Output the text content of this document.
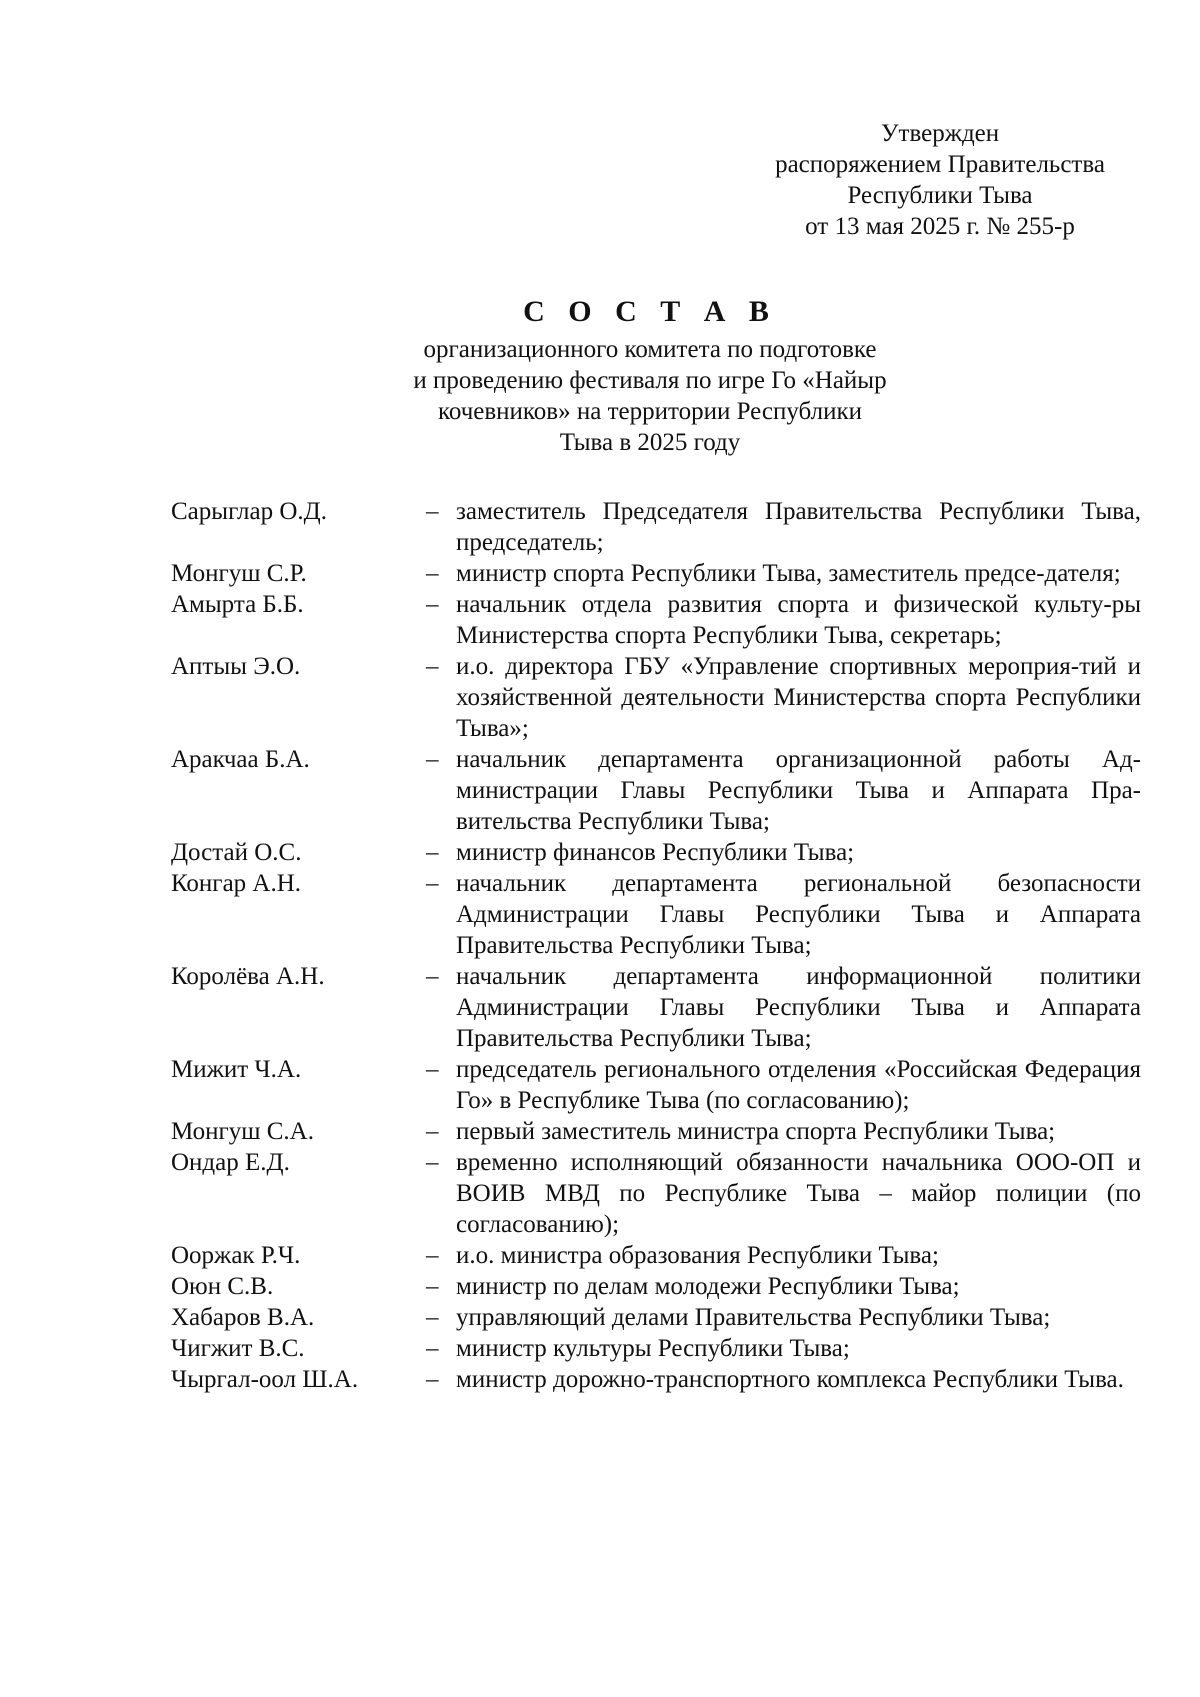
Утвержден
распоряжением Правительства
Республики Тыва
от 13 мая 2025 г. № 255-р
С О С Т А В
организационного комитета по подготовке
и проведению фестиваля по игре Го «Найыр
кочевников» на территории Республики
Тыва в 2025 году
Сарыглар О.Д.	– заместитель Председателя Правительства Республики Тыва, председатель;
Монгуш С.Р.	– министр спорта Республики Тыва, заместитель предсе-дателя;
Амырта Б.Б.	– начальник отдела развития спорта и физической культу-ры Министерства спорта Республики Тыва, секретарь;
Аптыы Э.О.	– и.о. директора ГБУ «Управление спортивных мероприя-тий и хозяйственной деятельности Министерства спорта Республики Тыва»;
Аракчаа Б.А.	– начальник департамента организационной работы Ад-министрации Главы Республики Тыва и Аппарата Пра-вительства Республики Тыва;
Достай О.С.	– министр финансов Республики Тыва;
Конгар А.Н.	– начальник департамента региональной безопасности Администрации Главы Республики Тыва и Аппарата Правительства Республики Тыва;
Королёва А.Н.	– начальник департамента информационной политики Администрации Главы Республики Тыва и Аппарата Правительства Республики Тыва;
Мижит Ч.А.	– председатель регионального отделения «Российская Федерация Го» в Республике Тыва (по согласованию);
Монгуш С.А.	– первый заместитель министра спорта Республики Тыва;
Ондар Е.Д.	– временно исполняющий обязанности начальника ООО-ОП и ВОИВ МВД по Республике Тыва – майор полиции (по согласованию);
Ооржак Р.Ч.	– и.о. министра образования Республики Тыва;
Оюн С.В.	– министр по делам молодежи Республики Тыва;
Хабаров В.А.	– управляющий делами Правительства Республики Тыва;
Чигжит В.С.	– министр культуры Республики Тыва;
Чыргал-оол Ш.А.	– министр дорожно-транспортного комплекса Республики Тыва.
